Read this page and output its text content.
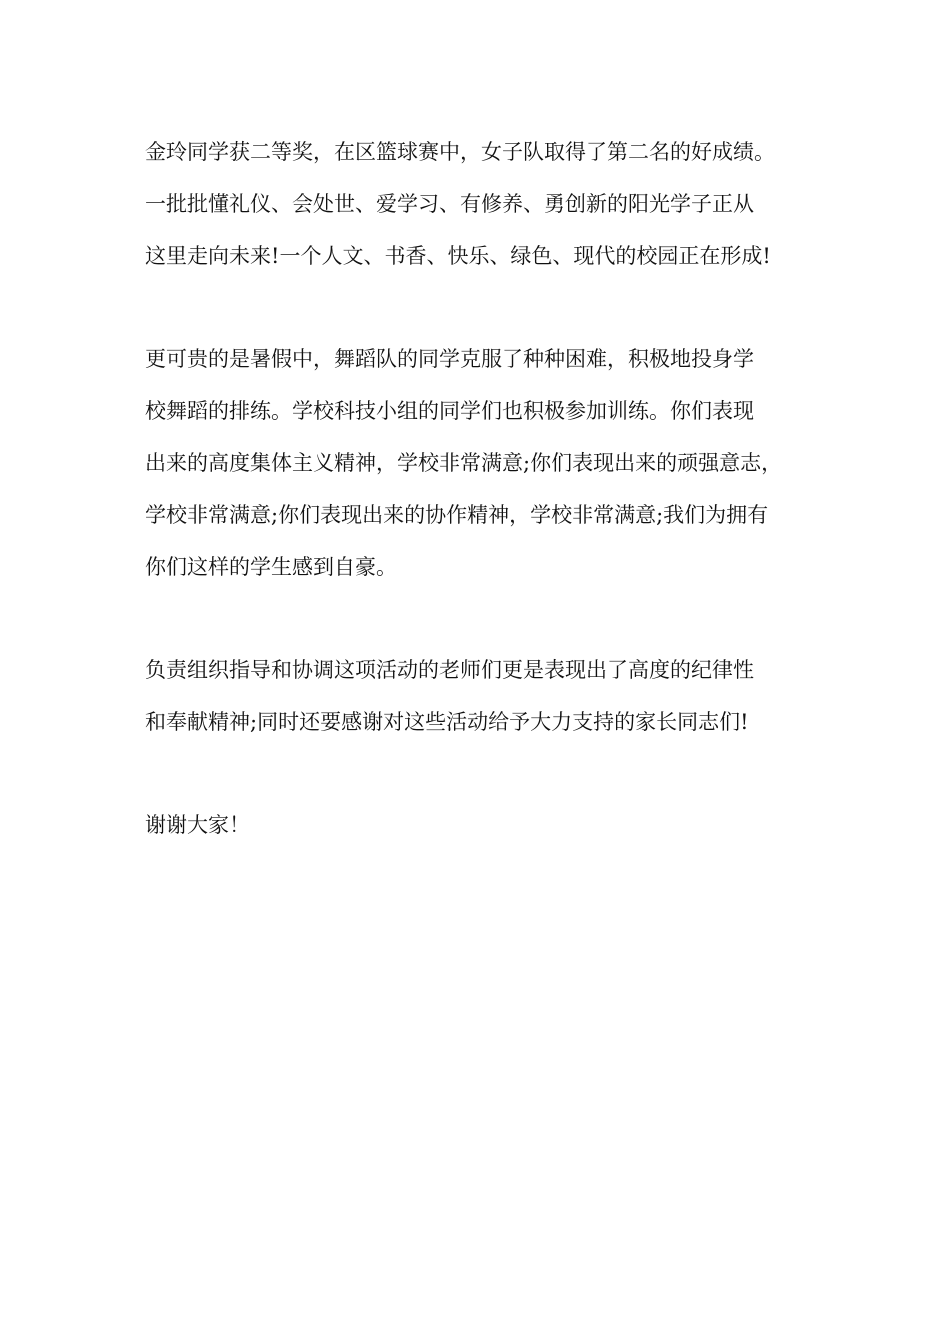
金玲同学获二等奖，在区篮球赛中，女子队取得了第二名的好成绩。
一批批懂礼仪、会处世、爱学习、有修养、勇创新的阳光学子正从
这里走向未来!一个人文、书香、快乐、绿色、现代的校园正在形成!
更可贵的是暑假中，舞蹈队的同学克服了种种困难，积极地投身学
校舞蹈的排练。学校科技小组的同学们也积极参加训练。你们表现
出来的高度集体主义精神，学校非常满意;你们表现出来的顽强意志，
学校非常满意;你们表现出来的协作精神，学校非常满意;我们为拥有
你们这样的学生感到自豪。
负责组织指导和协调这项活动的老师们更是表现出了高度的纪律性
和奉献精神;同时还要感谢对这些活动给予大力支持的家长同志们!
谢谢大家！
